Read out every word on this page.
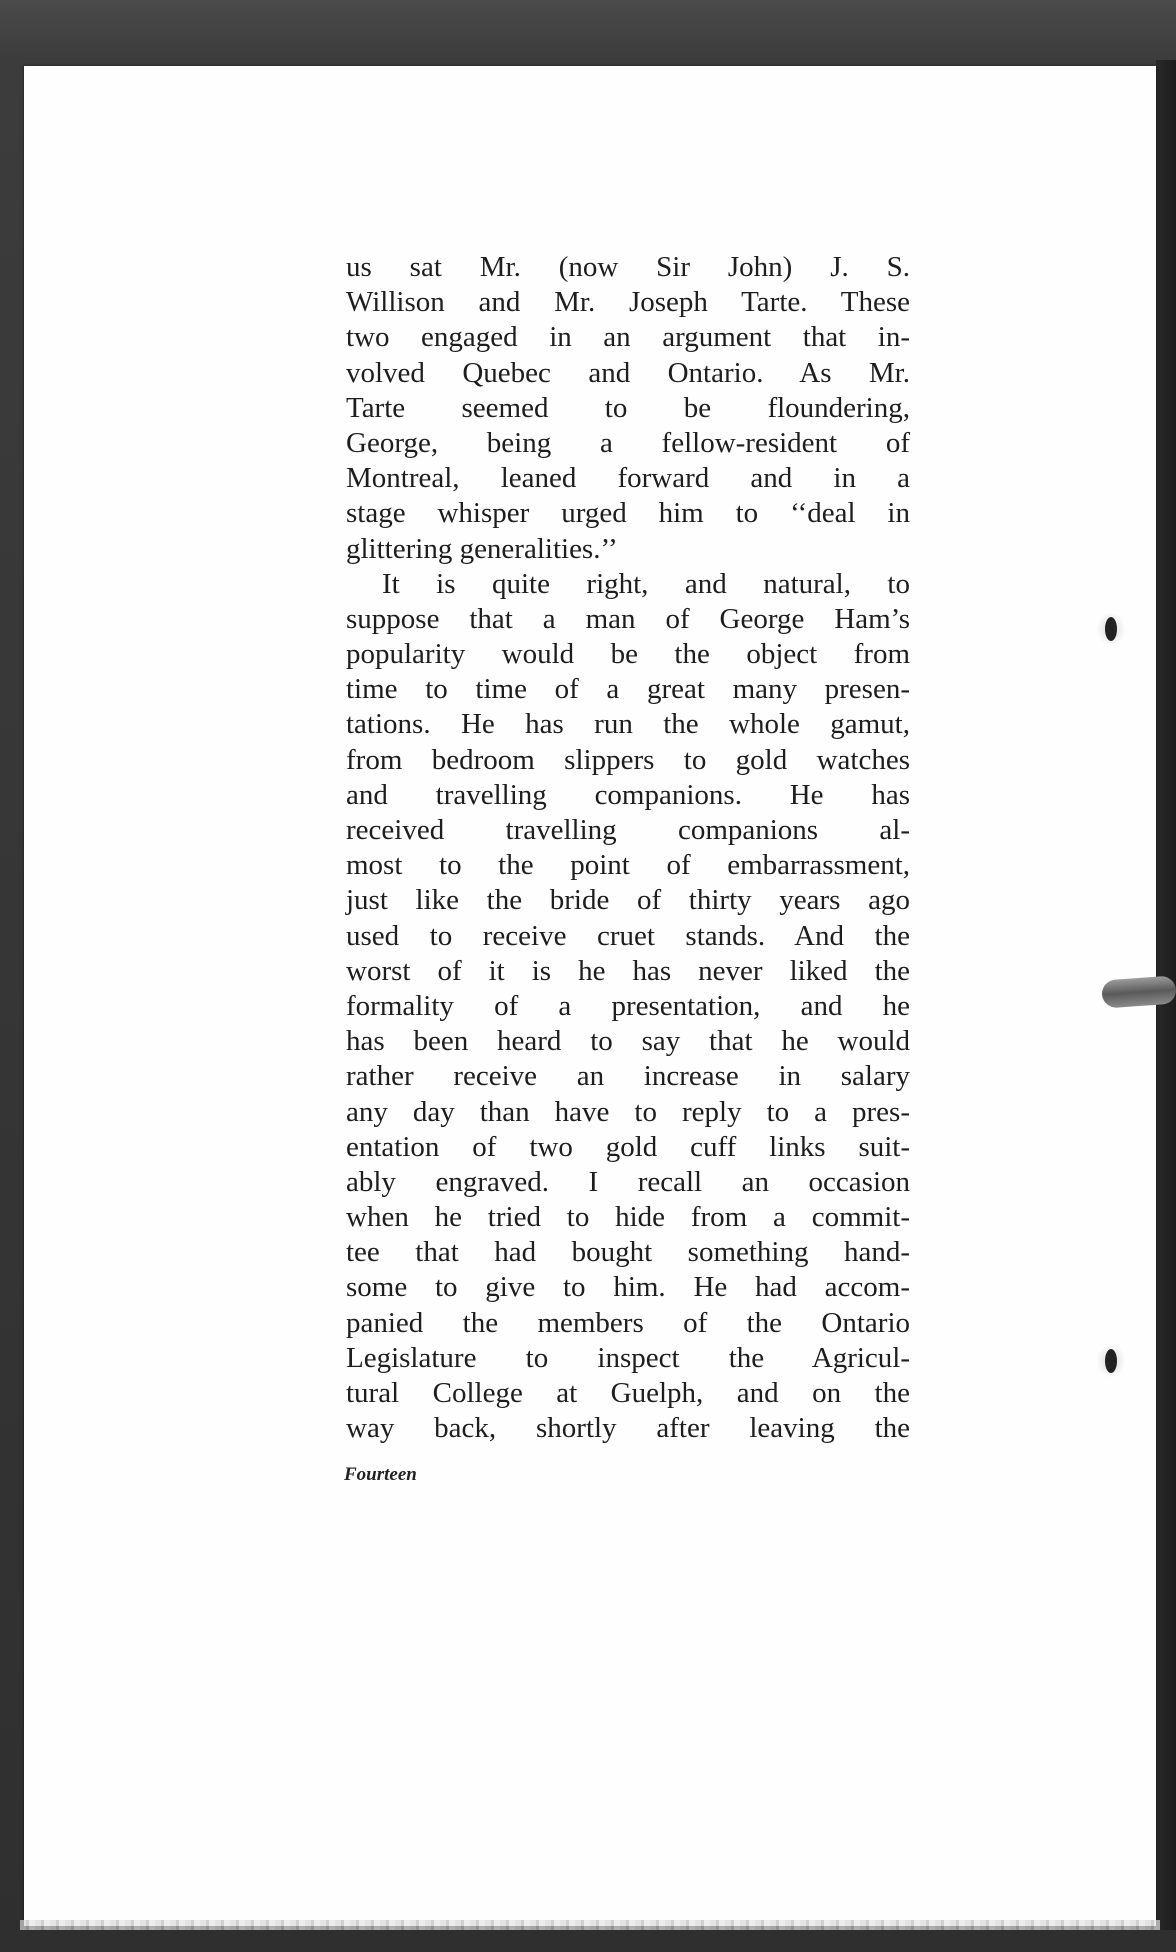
us sat Mr. (now Sir John) J. S.
Willison and Mr. Joseph Tarte. These
two engaged in an argument that in-
volved Quebec and Ontario. As Mr.
Tarte seemed to be floundering,
George, being a fellow-resident of
Montreal, leaned forward and in a
stage whisper urged him to ‘‘deal in
glittering generalities.’’
It is quite right, and natural, to
suppose that a man of George Ham’s
popularity would be the object from
time to time of a great many presen-
tations. He has run the whole gamut,
from bedroom slippers to gold watches
and travelling companions. He has
received travelling companions al-
most to the point of embarrassment,
just like the bride of thirty years ago
used to receive cruet stands. And the
worst of it is he has never liked the
formality of a presentation, and he
has been heard to say that he would
rather receive an increase in salary
any day than have to reply to a pres-
entation of two gold cuff links suit-
ably engraved. I recall an occasion
when he tried to hide from a commit-
tee that had bought something hand-
some to give to him. He had accom-
panied the members of the Ontario
Legislature to inspect the Agricul-
tural College at Guelph, and on the
way back, shortly after leaving the
Fourteen
